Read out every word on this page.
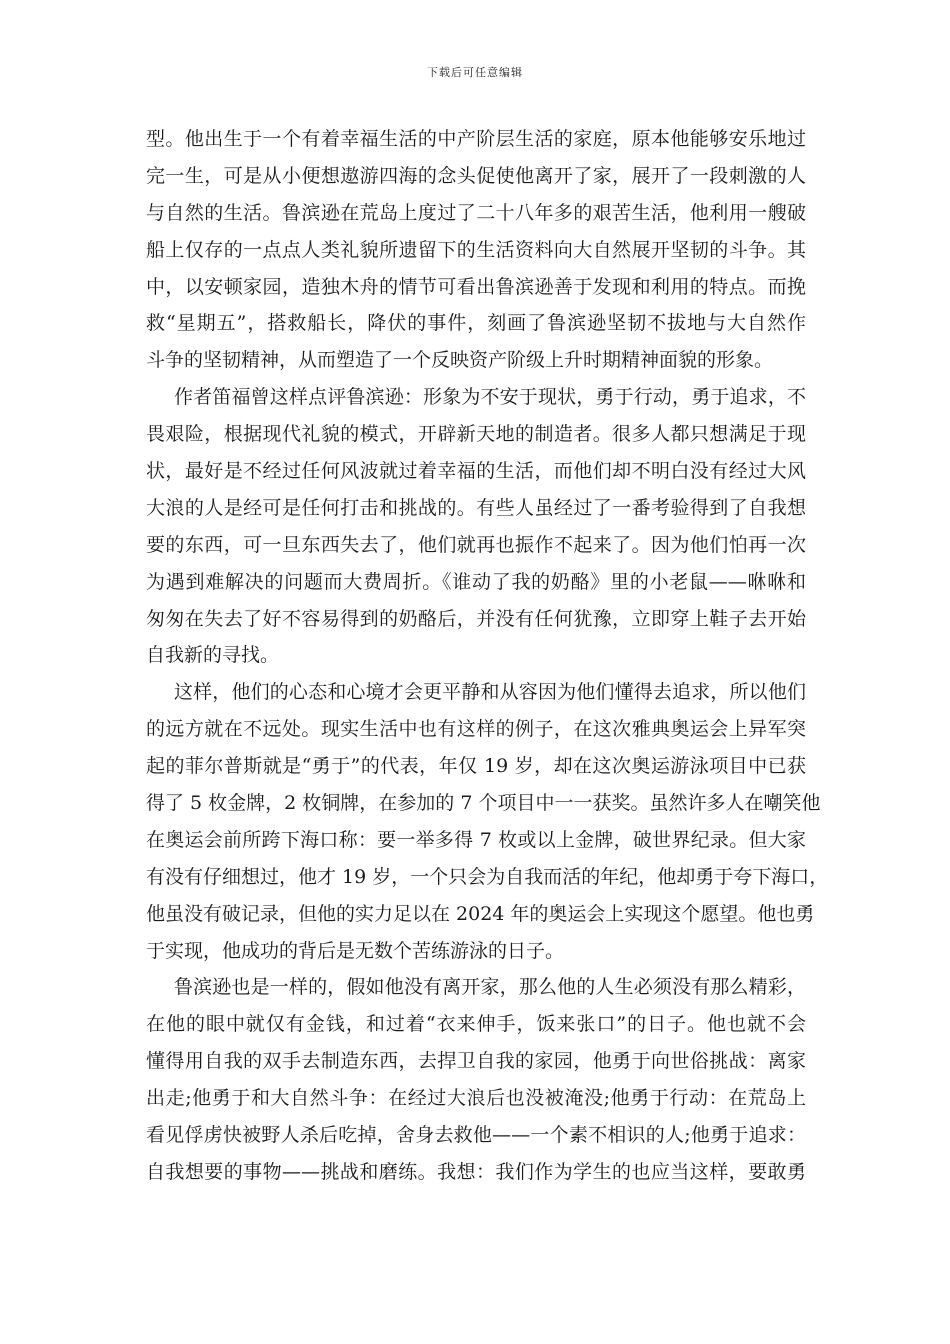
下载后可任意编辑
型。他出生于一个有着幸福生活的中产阶层生活的家庭，原本他能够安乐地过
完一生，可是从小便想遨游四海的念头促使他离开了家，展开了一段刺激的人
与自然的生活。鲁滨逊在荒岛上度过了二十八年多的艰苦生活，他利用一艘破
船上仅存的一点点人类礼貌所遗留下的生活资料向大自然展开坚韧的斗争。其
中，以安顿家园，造独木舟的情节可看出鲁滨逊善于发现和利用的特点。而挽
救“星期五”，搭救船长，降伏的事件，刻画了鲁滨逊坚韧不拔地与大自然作
斗争的坚韧精神，从而塑造了一个反映资产阶级上升时期精神面貌的形象。
作者笛福曾这样点评鲁滨逊：形象为不安于现状，勇于行动，勇于追求，不
畏艰险，根据现代礼貌的模式，开辟新天地的制造者。很多人都只想满足于现
状，最好是不经过任何风波就过着幸福的生活，而他们却不明白没有经过大风
大浪的人是经可是任何打击和挑战的。有些人虽经过了一番考验得到了自我想
要的东西，可一旦东西失去了，他们就再也振作不起来了。因为他们怕再一次
为遇到难解决的问题而大费周折。《谁动了我的奶酪》里的小老鼠——咻咻和
匆匆在失去了好不容易得到的奶酪后，并没有任何犹豫，立即穿上鞋子去开始
自我新的寻找。
这样，他们的心态和心境才会更平静和从容因为他们懂得去追求，所以他们
的远方就在不远处。现实生活中也有这样的例子，在这次雅典奥运会上异军突
起的菲尔普斯就是“勇于”的代表，年仅 19 岁，却在这次奥运游泳项目中已获
得了 5 枚金牌，2 枚铜牌，在参加的 7 个项目中一一获奖。虽然许多人在嘲笑他
在奥运会前所跨下海口称：要一举多得 7 枚或以上金牌，破世界纪录。但大家
有没有仔细想过，他才 19 岁，一个只会为自我而活的年纪，他却勇于夸下海口，
他虽没有破记录，但他的实力足以在 2024 年的奥运会上实现这个愿望。他也勇
于实现，他成功的背后是无数个苦练游泳的日子。
鲁滨逊也是一样的，假如他没有离开家，那么他的人生必须没有那么精彩，
在他的眼中就仅有金钱，和过着“衣来伸手，饭来张口”的日子。他也就不会
懂得用自我的双手去制造东西，去捍卫自我的家园，他勇于向世俗挑战：离家
出走;他勇于和大自然斗争：在经过大浪后也没被淹没;他勇于行动：在荒岛上
看见俘虏快被野人杀后吃掉，舍身去救他——一个素不相识的人;他勇于追求：
自我想要的事物——挑战和磨练。我想：我们作为学生的也应当这样，要敢勇
